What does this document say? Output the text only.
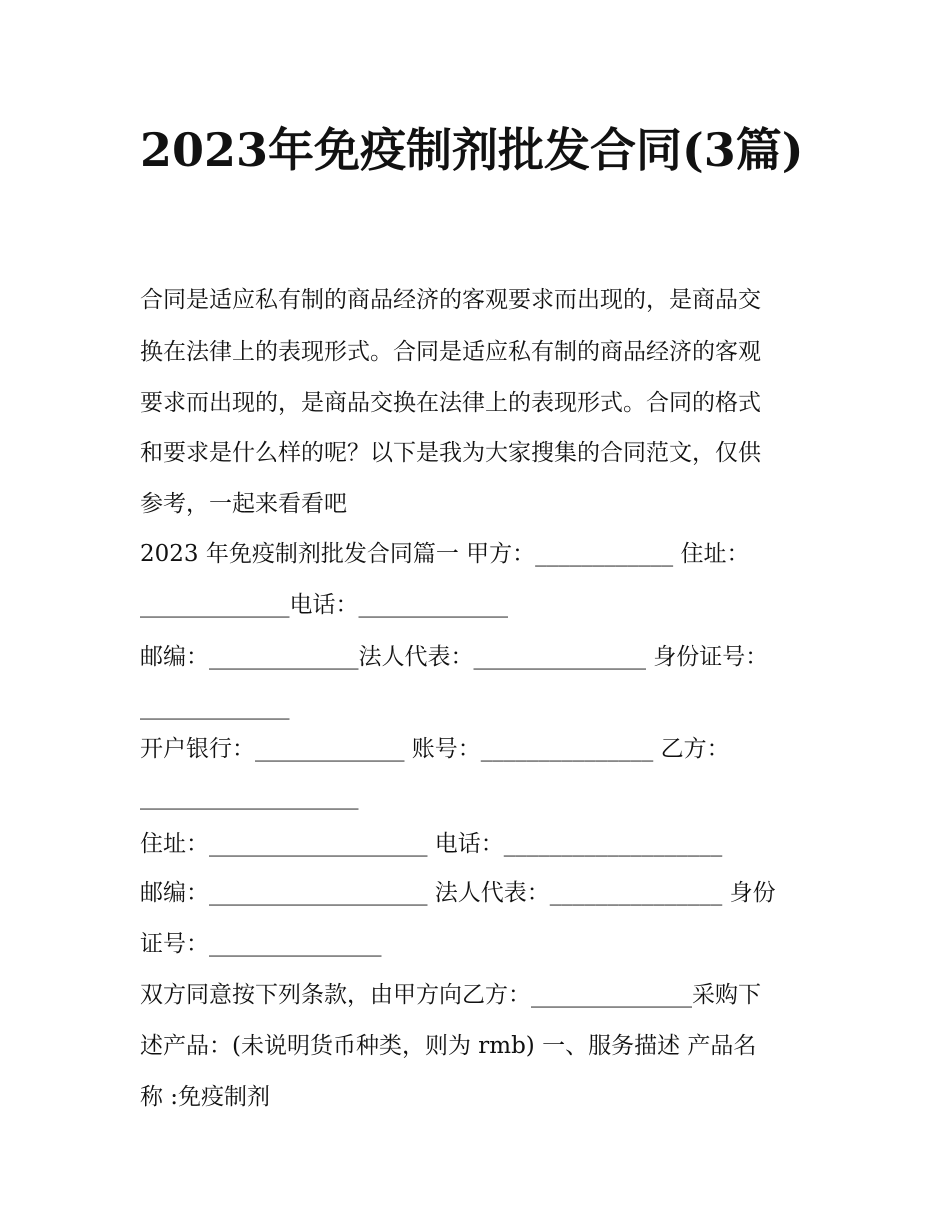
2023年免疫制剂批发合同(3篇)

合同是适应私有制的商品经济的客观要求而出现的，是商品交

换在法律上的表现形式。合同是适应私有制的商品经济的客观

要求而出现的，是商品交换在法律上的表现形式。合同的格式

和要求是什么样的呢？以下是我为大家搜集的合同范文，仅供

参考，一起来看看吧

2023 年免疫制剂批发合同篇一 甲方：____________ 住址：

_____________电话：_____________

邮编：_____________法人代表：_______________ 身份证号：

_____________

开户银行：_____________ 账号：_______________ 乙方：

___________________

住址：___________________ 电话：___________________

邮编：___________________ 法人代表：_______________ 身份

证号：_______________

双方同意按下列条款，由甲方向乙方：______________采购下

述产品：(未说明货币种类，则为 rmb) 一、服务描述 产品名

称 :免疫制剂
